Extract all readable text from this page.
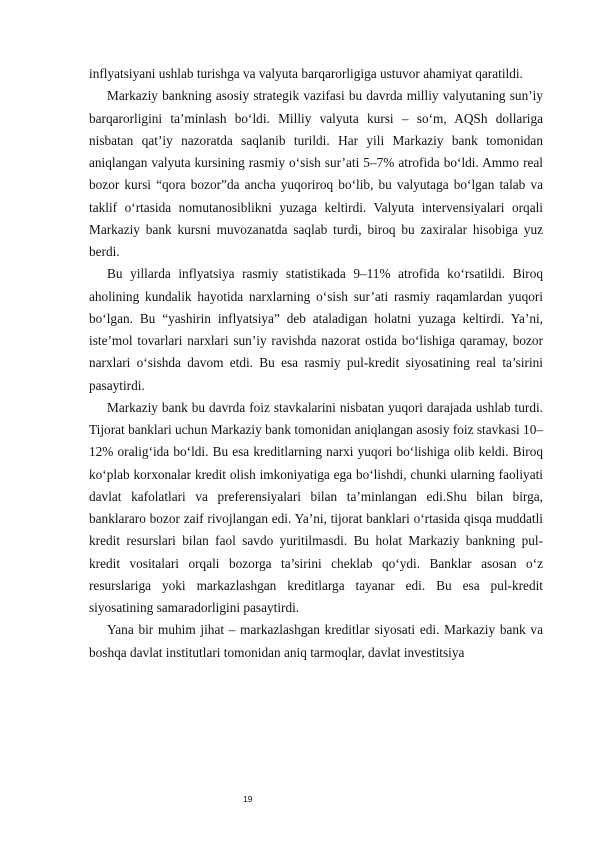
inflyatsiyani ushlab turishga va valyuta barqarorligiga ustuvor ahamiyat qaratildi.

Markaziy bankning asosiy strategik vazifasi bu davrda milliy valyutaning sun’iy barqarorligini ta’minlash bo‘ldi. Milliy valyuta kursi – so‘m, AQSh dollariga nisbatan qat’iy nazoratda saqlanib turildi. Har yili Markaziy bank tomonidan aniqlangan valyuta kursining rasmiy o‘sish sur’ati 5–7% atrofida bo‘ldi. Ammo real bozor kursi “qora bozor”da ancha yuqoriroq bo‘lib, bu valyutaga bo‘lgan talab va taklif o‘rtasida nomutanosiblikni yuzaga keltirdi. Valyuta intervensiyalari orqali Markaziy bank kursni muvozanatda saqlab turdi, biroq bu zaxiralar hisobiga yuz berdi.

Bu yillarda inflyatsiya rasmiy statistikada 9–11% atrofida ko‘rsatildi. Biroq aholining kundalik hayotida narxlarning o‘sish sur’ati rasmiy raqamlardan yuqori bo‘lgan. Bu “yashirin inflyatsiya” deb ataladigan holatni yuzaga keltirdi. Ya’ni, iste’mol tovarlari narxlari sun’iy ravishda nazorat ostida bo‘lishiga qaramay, bozor narxlari o‘sishda davom etdi. Bu esa rasmiy pul-kredit siyosatining real ta’sirini pasaytirdi.

Markaziy bank bu davrda foiz stavkalarini nisbatan yuqori darajada ushlab turdi. Tijorat banklari uchun Markaziy bank tomonidan aniqlangan asosiy foiz stavkasi 10–12% oralig‘ida bo‘ldi. Bu esa kreditlarning narxi yuqori bo‘lishiga olib keldi. Biroq ko‘plab korxonalar kredit olish imkoniyatiga ega bo‘lishdi, chunki ularning faoliyati davlat kafolatlari va preferensiyalari bilan ta’minlangan edi.Shu bilan birga, banklararo bozor zaif rivojlangan edi. Ya’ni, tijorat banklari o‘rtasida qisqa muddatli kredit resurslari bilan faol savdo yuritilmasdi. Bu holat Markaziy bankning pul-kredit vositalari orqali bozorga ta’sirini cheklab qo‘ydi. Banklar asosan o‘z resurslariga yoki markazlashgan kreditlarga tayanar edi. Bu esa pul-kredit siyosatining samaradorligini pasaytirdi.

Yana bir muhim jihat – markazlashgan kreditlar siyosati edi. Markaziy bank va boshqa davlat institutlari tomonidan aniq tarmoqlar, davlat investitsiya

19
